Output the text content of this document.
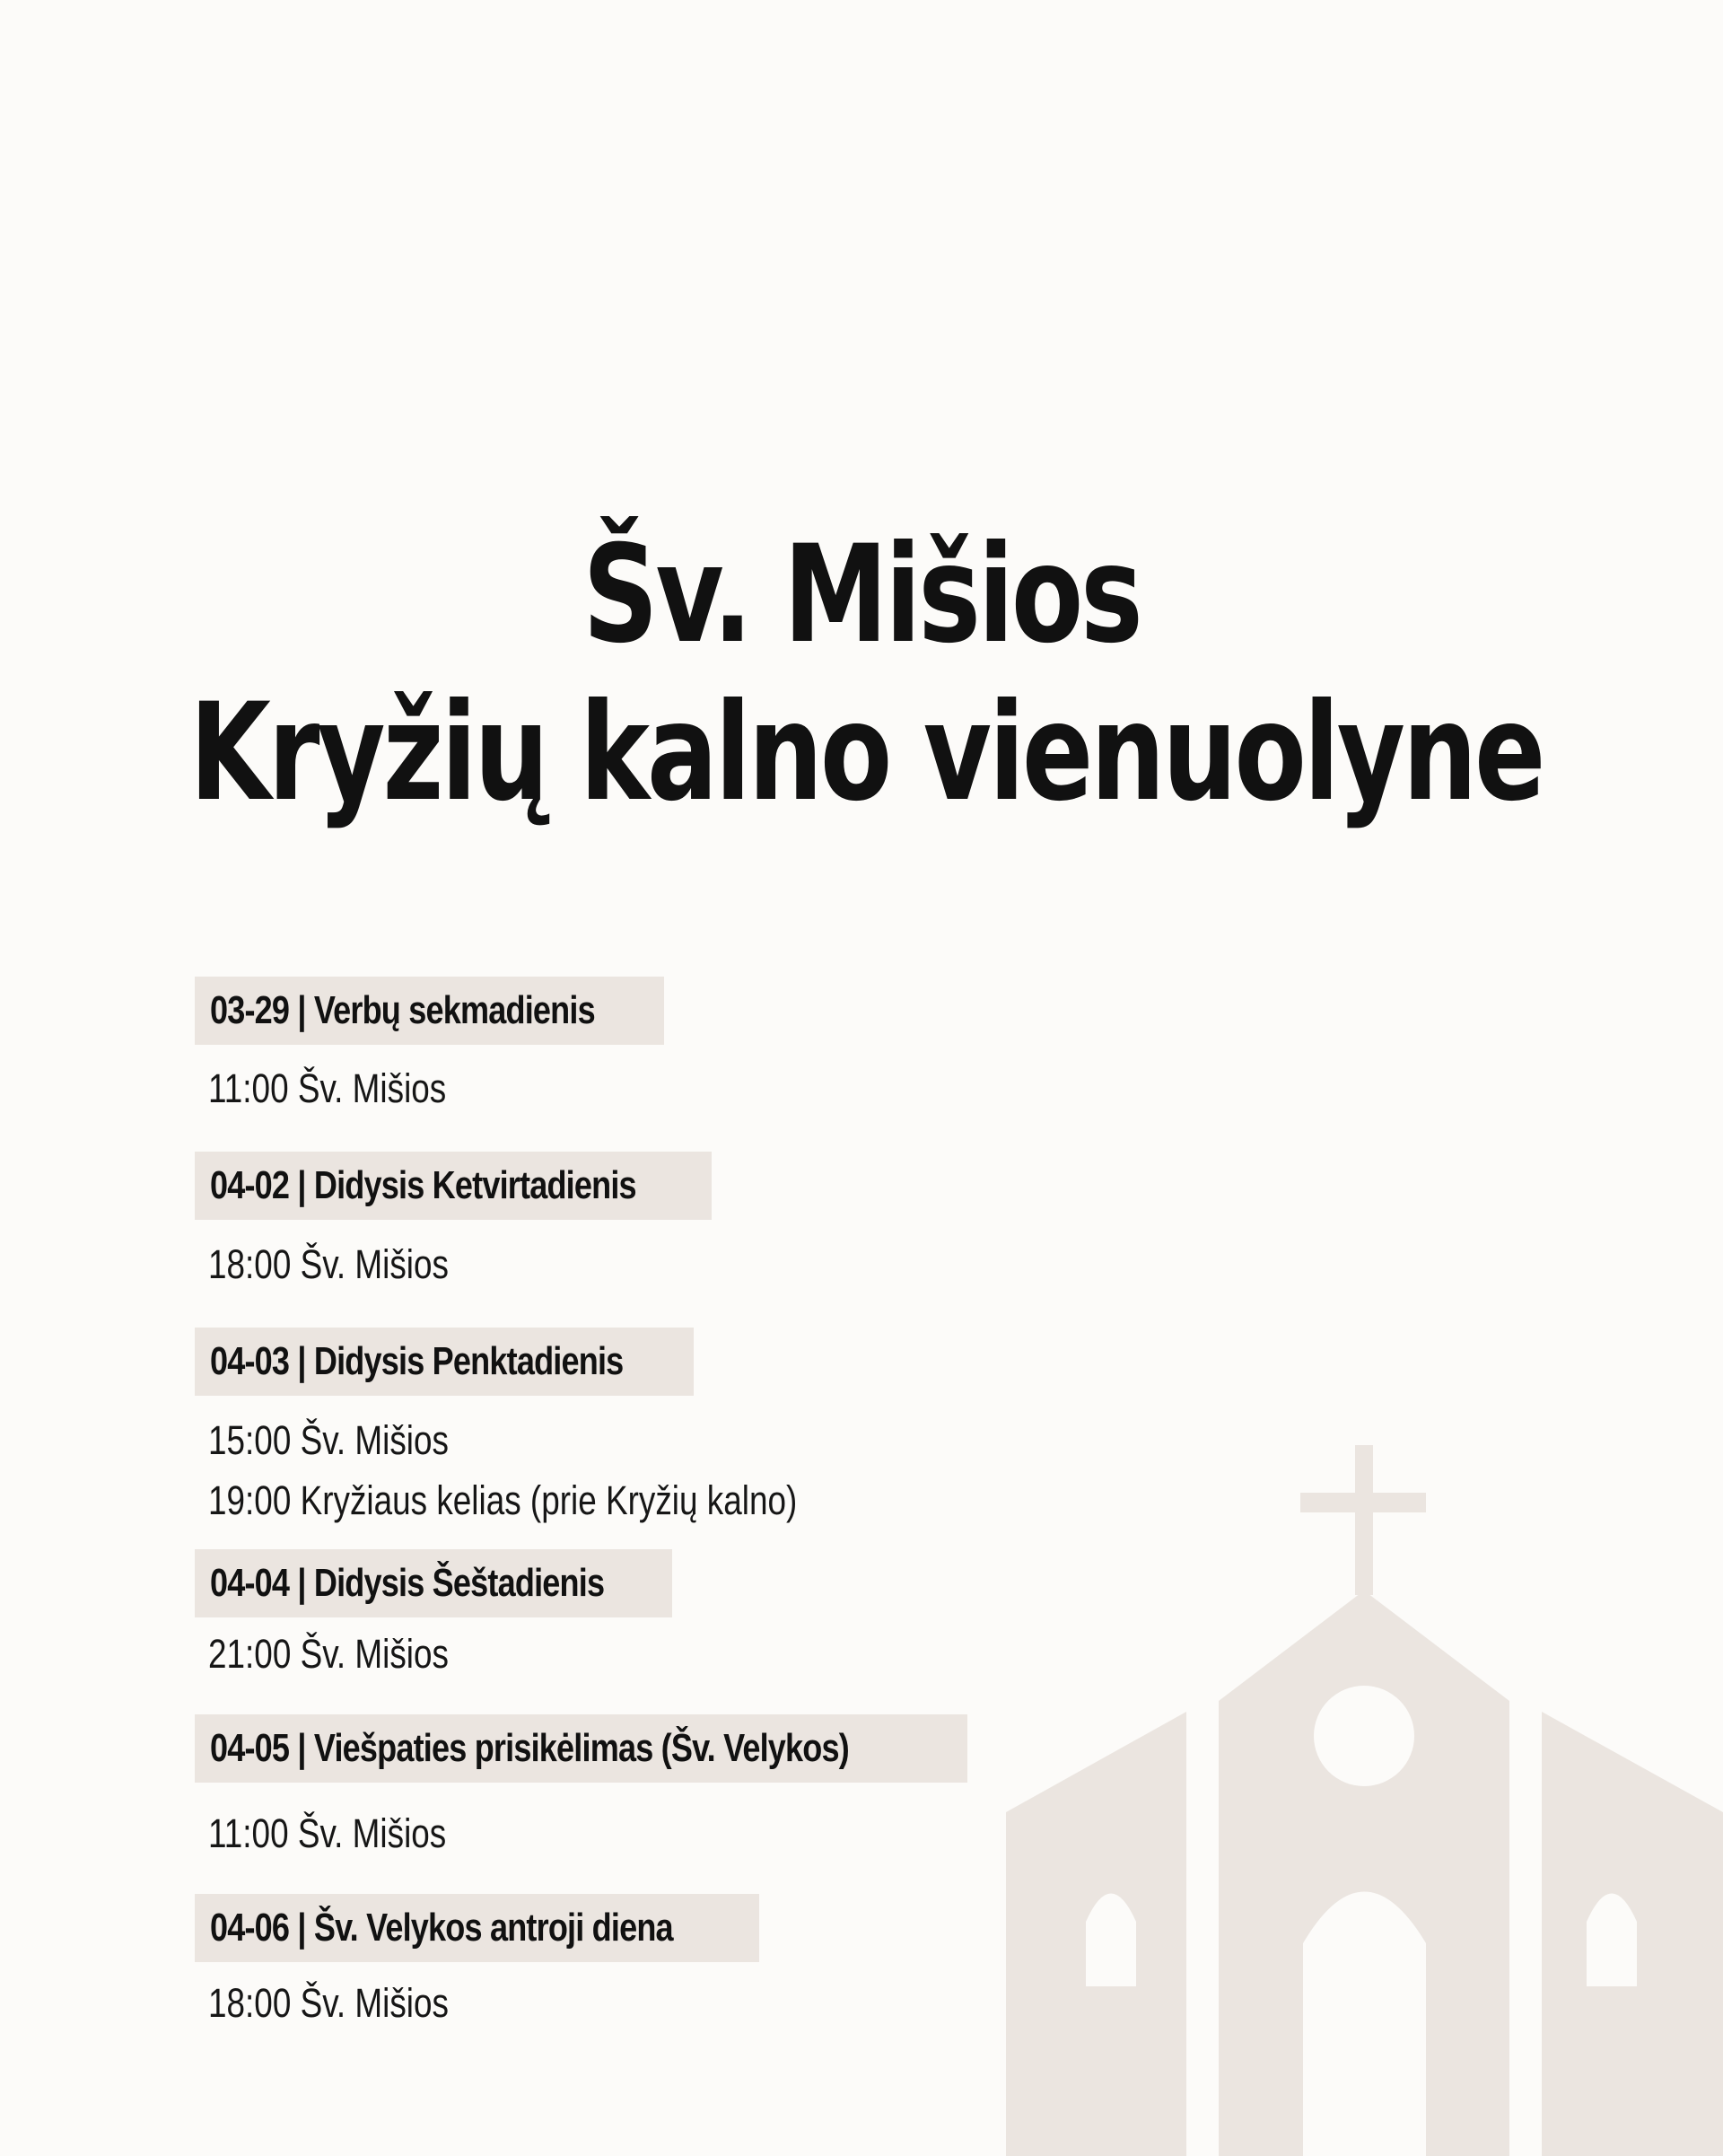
Šv. Mišios
Kryžių kalno vienuolyne
03-29 | Verbų sekmadienis
11:00 Šv. Mišios
04-02 | Didysis Ketvirtadienis
18:00 Šv. Mišios
04-03 | Didysis Penktadienis
15:00 Šv. Mišios
19:00 Kryžiaus kelias (prie Kryžių kalno)
04-04 | Didysis Šeštadienis
21:00 Šv. Mišios
04-05 | Viešpaties prisikėlimas (Šv. Velykos)
11:00 Šv. Mišios
04-06 | Šv. Velykos antroji diena
18:00 Šv. Mišios
